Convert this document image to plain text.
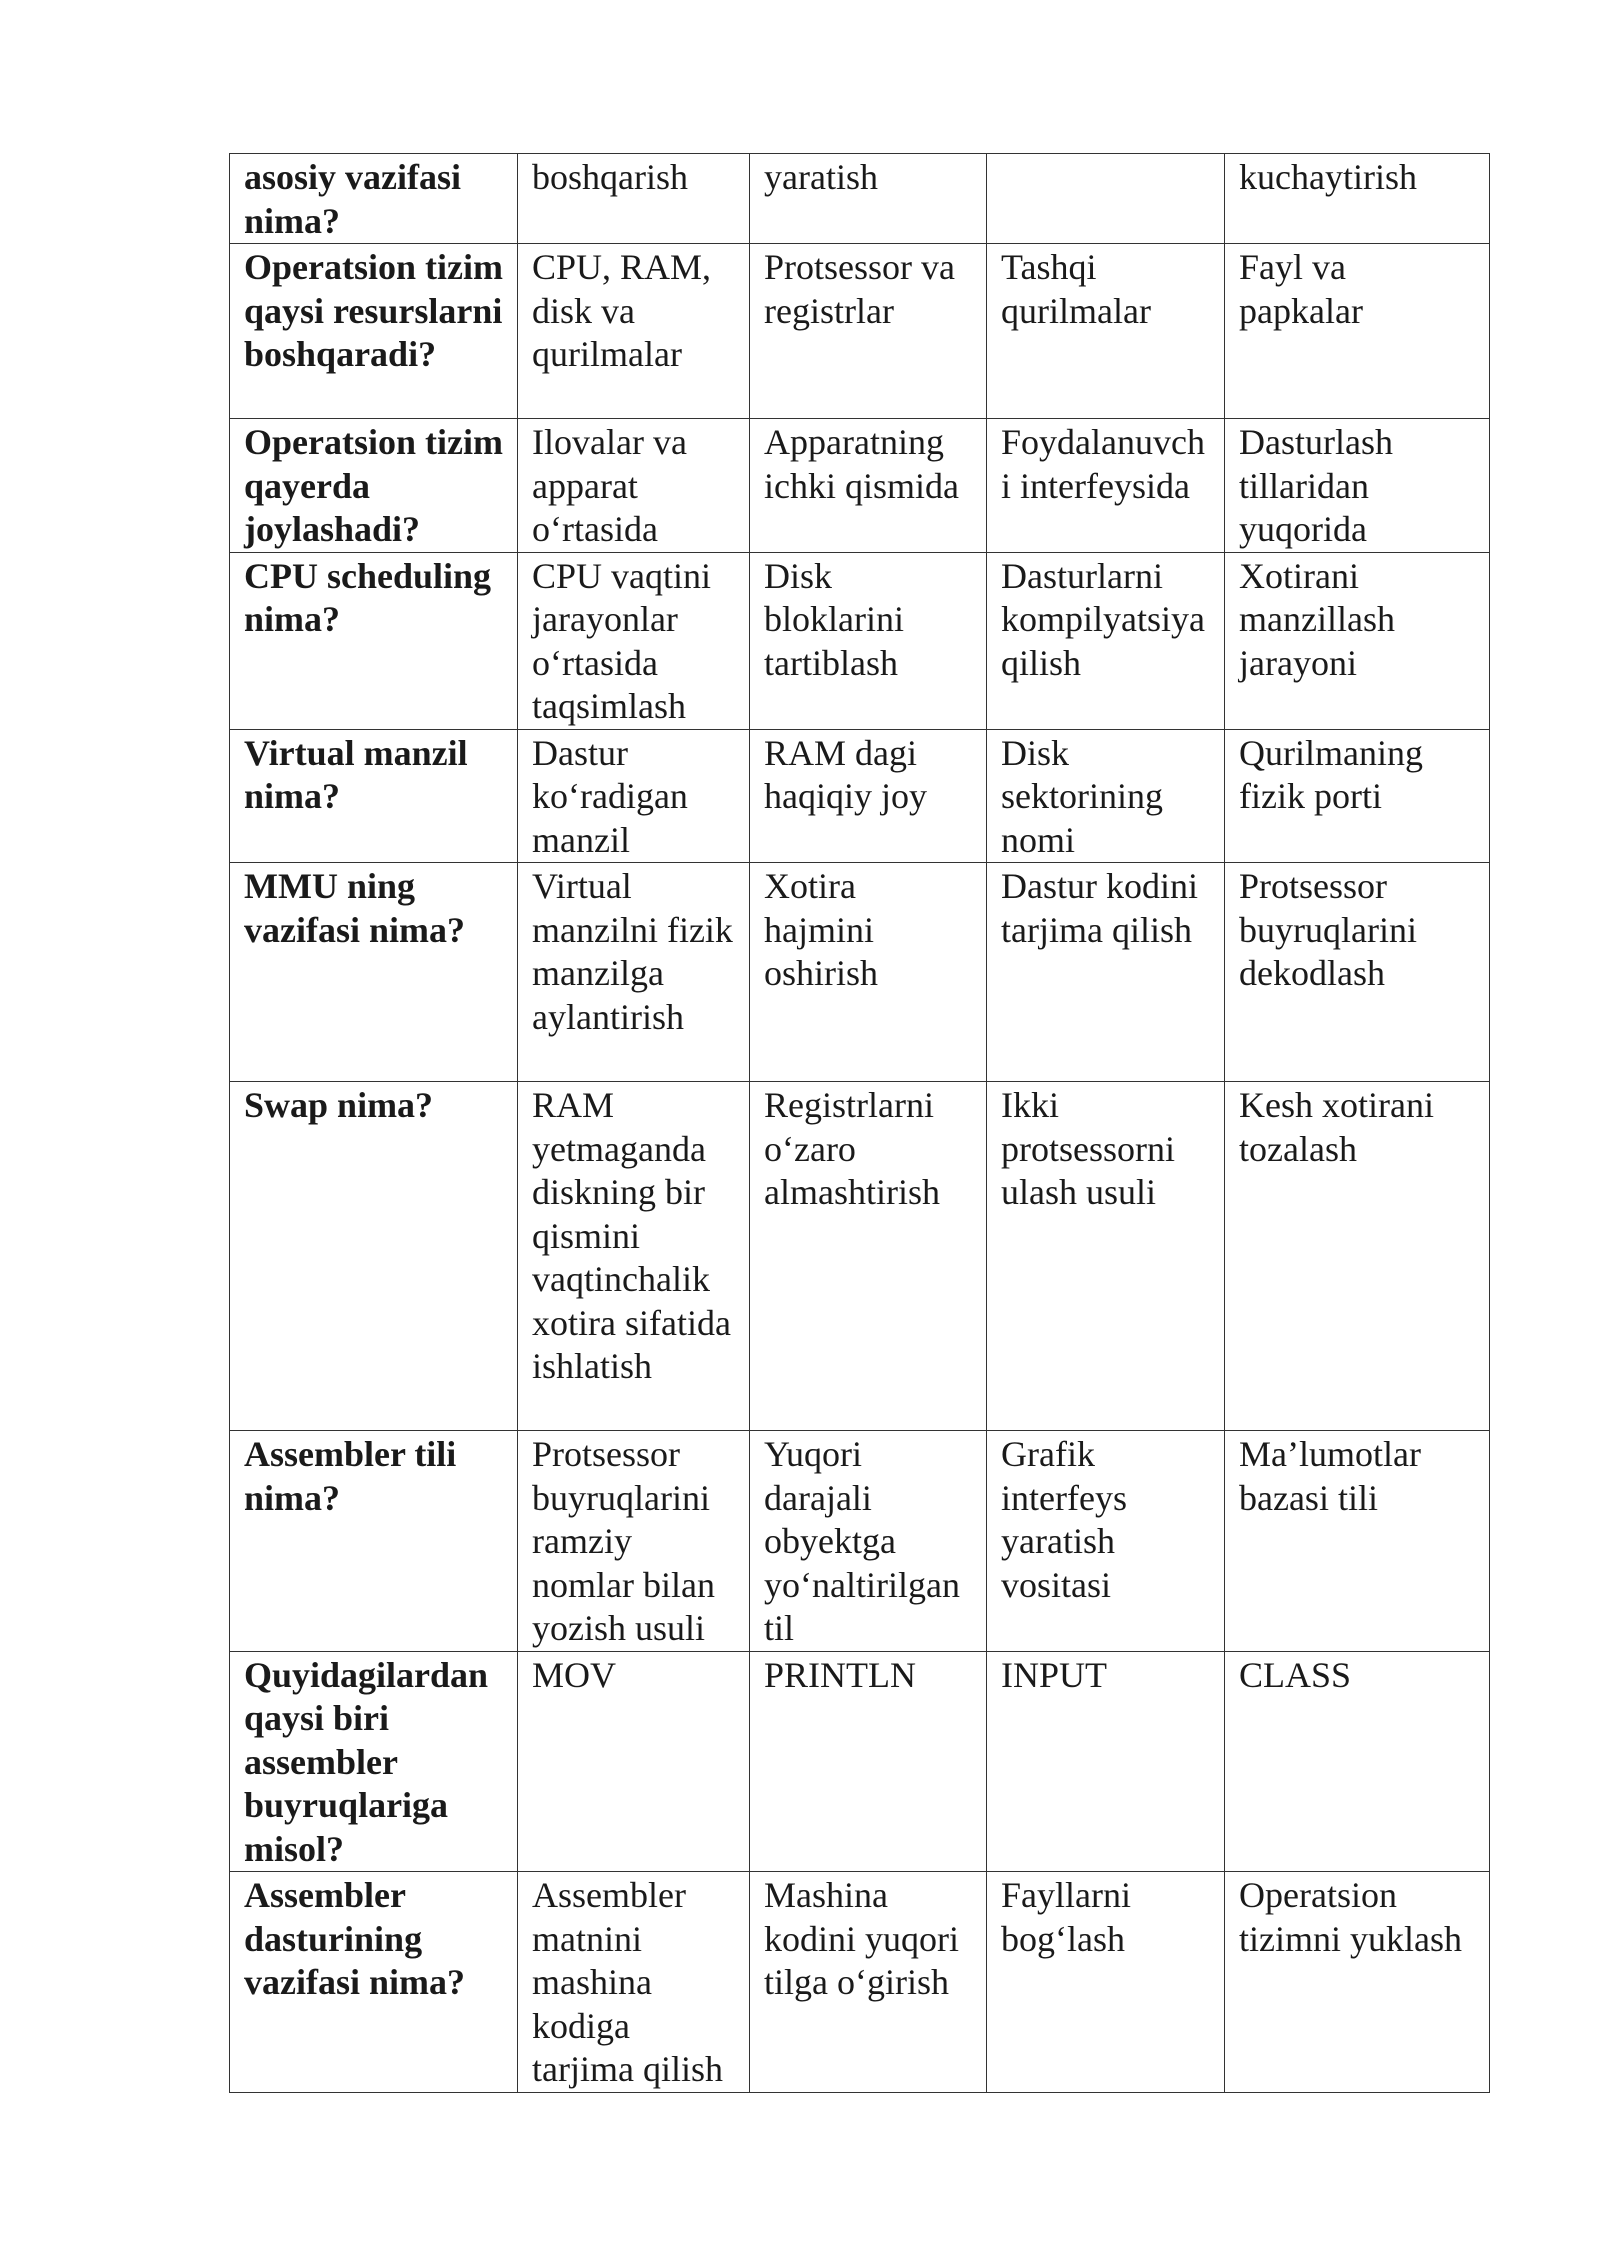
asosiy vazifasi nima?	boshqarish	yaratish		kuchaytirish
Operatsion tizim qaysi resurslarni boshqaradi?	CPU, RAM, disk va qurilmalar	Protsessor va registrlar	Tashqi qurilmalar	Fayl va papkalar
Operatsion tizim qayerda joylashadi?	Ilovalar va apparat o‘rtasida	Apparatning ichki qismida	Foydalanuvchi interfeysida	Dasturlash tillaridan yuqorida
CPU scheduling nima?	CPU vaqtini jarayonlar o‘rtasida taqsimlash	Disk bloklarini tartiblash	Dasturlarni kompilyatsiya qilish	Xotirani manzillash jarayoni
Virtual manzil nima?	Dastur ko‘radigan manzil	RAM dagi haqiqiy joy	Disk sektorining nomi	Qurilmaning fizik porti
MMU ning vazifasi nima?	Virtual manzilni fizik manzilga aylantirish	Xotira hajmini oshirish	Dastur kodini tarjima qilish	Protsessor buyruqlarini dekodlash
Swap nima?	RAM yetmaganda diskning bir qismini vaqtinchalik xotira sifatida ishlatish	Registrlarni o‘zaro almashtirish	Ikki protsessorni ulash usuli	Kesh xotirani tozalash
Assembler tili nima?	Protsessor buyruqlarini ramziy nomlar bilan yozish usuli	Yuqori darajali obyektga yo‘naltirilgan til	Grafik interfeys yaratish vositasi	Ma’lumotlar bazasi tili
Quyidagilardan qaysi biri assembler buyruqlariga misol?	MOV	PRINTLN	INPUT	CLASS
Assembler dasturining vazifasi nima?	Assembler matnini mashina kodiga tarjima qilish	Mashina kodini yuqori tilga o‘girish	Fayllarni bog‘lash	Operatsion tizimni yuklash
